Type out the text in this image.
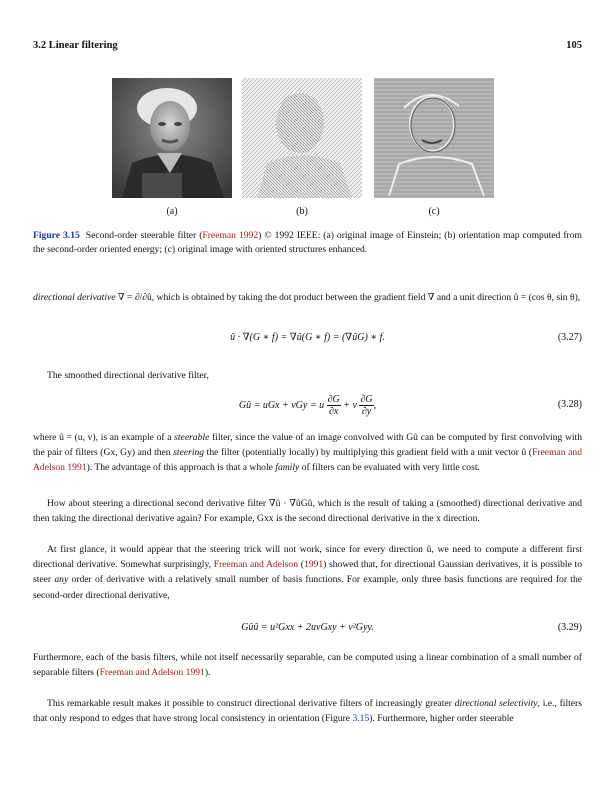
3.2 Linear filtering	105
(a)	(b)	(c)
Figure 3.15 Second-order steerable filter (Freeman 1992) © 1992 IEEE: (a) original image of Einstein; (b) orientation map computed from the second-order oriented energy; (c) original image with oriented structures enhanced.
directional derivative ∇ = ∂/∂û, which is obtained by taking the dot product between the gradient field ∇ and a unit direction û = (cos θ, sin θ),
û · ∇(G ∗ f) = ∇û(G ∗ f) = (∇ûG) ∗ f.	(3.27)
The smoothed directional derivative filter,
Gû = uGx + vGy = u $\frac{\partial G}{\partial x} + v \frac{\partial G}{\partial y}$ ,	(3.28)
where û = (u, v), is an example of a steerable filter, since the value of an image convolved with Gû can be computed by first convolving with the pair of filters (Gx, Gy) and then steering the filter (potentially locally) by multiplying this gradient field with a unit vector û (Freeman and Adelson 1991). The advantage of this approach is that a whole family of filters can be evaluated with very little cost.
How about steering a directional second derivative filter ∇û · ∇ûGû, which is the result of taking a (smoothed) directional derivative and then taking the directional derivative again? For example, Gxx is the second directional derivative in the x direction.
At first glance, it would appear that the steering trick will not work, since for every direction û, we need to compute a different first directional derivative. Somewhat surprisingly, Freeman and Adelson (1991) showed that, for directional Gaussian derivatives, it is possible to steer any order of derivative with a relatively small number of basis functions. For example, only three basis functions are required for the second-order directional derivative,
Gûû = u²Gxx + 2uvGxy + v²Gyy.	(3.29)
Furthermore, each of the basis filters, while not itself necessarily separable, can be computed using a linear combination of a small number of separable filters (Freeman and Adelson 1991).
This remarkable result makes it possible to construct directional derivative filters of increasingly greater directional selectivity, i.e., filters that only respond to edges that have strong local consistency in orientation (Figure 3.15). Furthermore, higher order steerable
